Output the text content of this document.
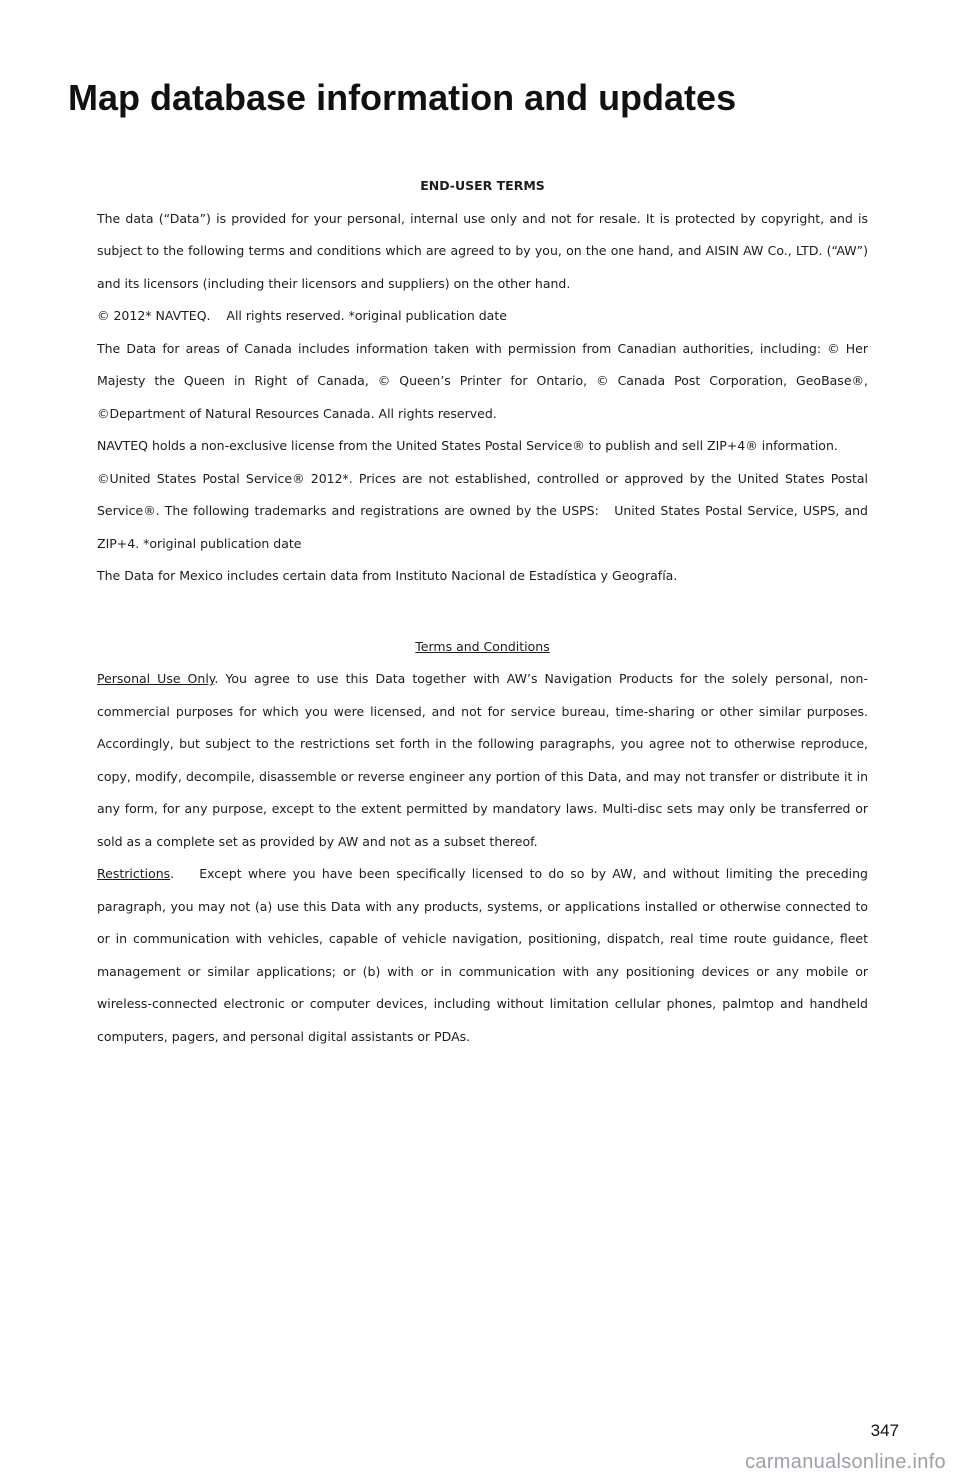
Map database information and updates

END-USER TERMS

The data (“Data”) is provided for your personal, internal use only and not for resale. It is protected by copyright, and is subject to the following terms and conditions which are agreed to by you, on the one hand, and AISIN AW Co., LTD. (“AW”) and its licensors (including their licensors and suppliers) on the other hand.

© 2012* NAVTEQ.    All rights reserved. *original publication date

The Data for areas of Canada includes information taken with permission from Canadian authorities, including: © Her Majesty the Queen in Right of Canada, © Queen’s Printer for Ontario, © Canada Post Corporation, GeoBase®, ©Department of Natural Resources Canada. All rights reserved.

NAVTEQ holds a non-exclusive license from the United States Postal Service® to publish and sell ZIP+4® information.

©United States Postal Service® 2012*. Prices are not established, controlled or approved by the United States Postal Service®. The following trademarks and registrations are owned by the USPS:   United States Postal Service, USPS, and ZIP+4. *original publication date

The Data for Mexico includes certain data from Instituto Nacional de Estadística y Geografía.

Terms and Conditions

Personal Use Only. You agree to use this Data together with AW’s Navigation Products for the solely personal, non-commercial purposes for which you were licensed, and not for service bureau, time-sharing or other similar purposes. Accordingly, but subject to the restrictions set forth in the following paragraphs, you agree not to otherwise reproduce, copy, modify, decompile, disassemble or reverse engineer any portion of this Data, and may not transfer or distribute it in any form, for any purpose, except to the extent permitted by mandatory laws. Multi-disc sets may only be transferred or sold as a complete set as provided by AW and not as a subset thereof.

Restrictions.    Except where you have been specifically licensed to do so by AW, and without limiting the preceding paragraph, you may not (a) use this Data with any products, systems, or applications installed or otherwise connected to or in communication with vehicles, capable of vehicle navigation, positioning, dispatch, real time route guidance, fleet management or similar applications; or (b) with or in communication with any positioning devices or any mobile or wireless-connected electronic or computer devices, including without limitation cellular phones, palmtop and handheld computers, pagers, and personal digital assistants or PDAs.

347
carmanualsonline.info
